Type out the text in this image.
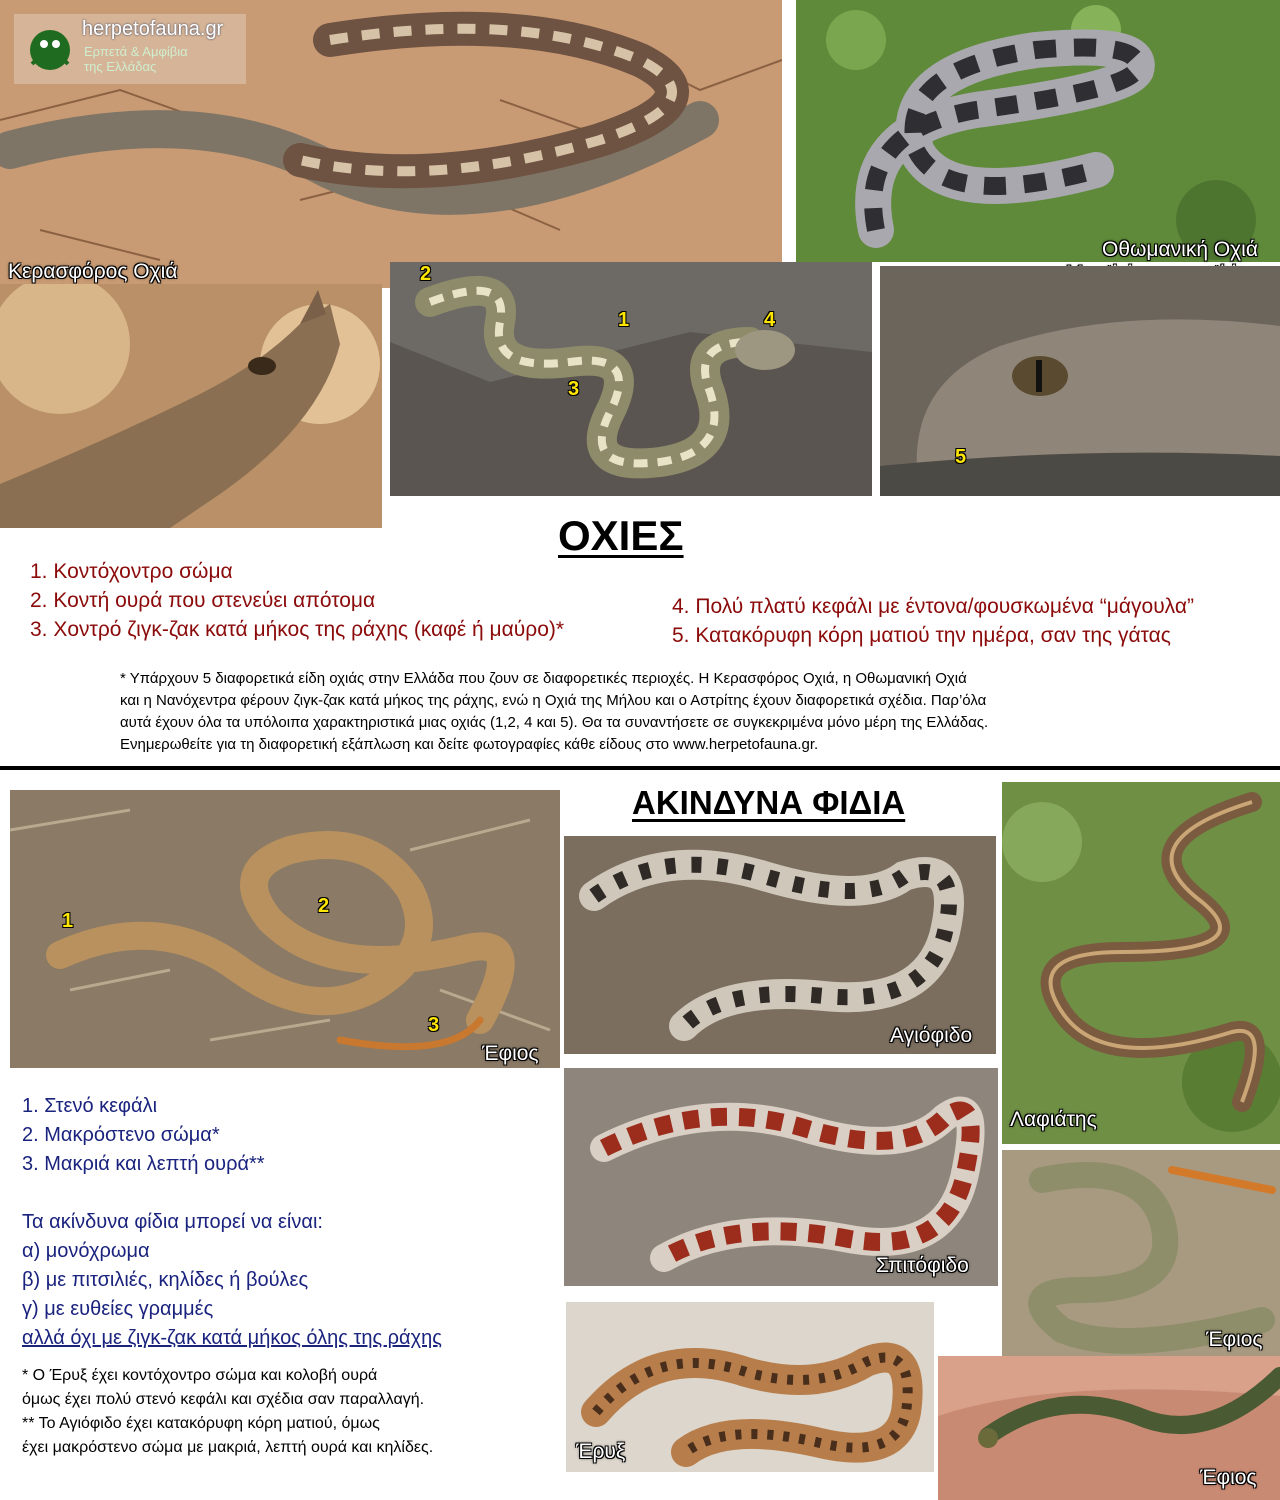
herpetofauna.gr
Ερπετά & Αμφίβια
της Ελλάδας
Κερασφόρος Οχιά

Οθωμανική Οχιά

2
1	4
3
5
ΟΧΙΕΣ
1. Κοντόχοντρο σώμα
2. Κοντή ουρά που στενεύει απότομα
3. Χοντρό ζιγκ-ζακ κατά μήκος της ράχης (καφέ ή μαύρο)*
4. Πολύ πλατύ κεφάλι με έντονα/φουσκωμένα “μάγουλα”
5. Κατακόρυφη κόρη ματιού την ημέρα, σαν της γάτας
* Υπάρχουν 5 διαφορετικά είδη οχιάς στην Ελλάδα που ζουν σε διαφορετικές περιοχές. Η Κερασφόρος Οχιά, η Οθωμανική Οχιά
και η Νανόχεντρα φέρουν ζιγκ-ζακ κατά μήκος της ράχης, ενώ η Οχιά της Μήλου και ο Αστρίτης έχουν διαφορετικά σχέδια. Παρ’όλα
αυτά έχουν όλα τα υπόλοιπα χαρακτηριστικά μιας οχιάς (1,2, 4 και 5). Θα τα συναντήσετε σε συγκεκριμένα μόνο μέρη της Ελλάδας.
Ενημερωθείτε για τη διαφορετική εξάπλωση και δείτε φωτογραφίες κάθε είδους στο www.herpetofauna.gr.
1
2
3
Έφιος
ΑΚΙΝΔΥΝΑ ΦΙΔΙΑ
Αγιόφιδο
Λαφιάτης
Σπιτόφιδο
Έφιος
Έρυξ
Έφιος
1. Στενό κεφάλι
2. Μακρόστενο σώμα*
3. Μακριά και λεπτή ουρά**
Τα ακίνδυνα φίδια μπορεί να είναι:
α) μονόχρωμα
β) με πιτσιλιές, κηλίδες ή βούλες
γ) με ευθείες γραμμές
αλλά όχι με ζιγκ-ζακ κατά μήκος όλης της ράχης
* Ο Έρυξ έχει κοντόχοντρο σώμα και κολοβή ουρά
όμως έχει πολύ στενό κεφάλι και σχέδια σαν παραλλαγή.
** Το Αγιόφιδο έχει κατακόρυφη κόρη ματιού, όμως
έχει μακρόστενο σώμα με μακριά, λεπτή ουρά και κηλίδες.
